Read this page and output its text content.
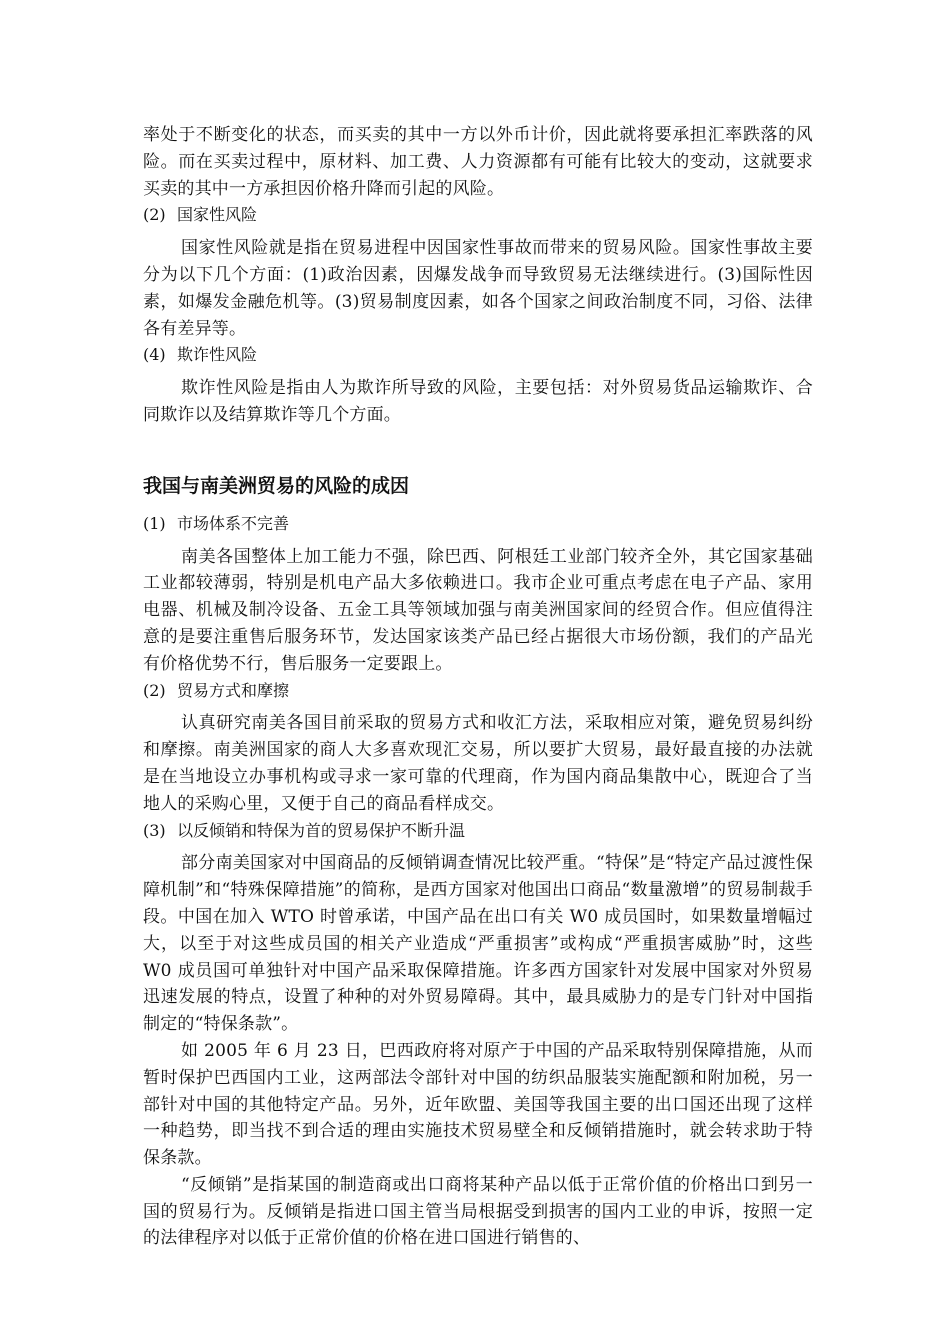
率处于不断变化的状态，而买卖的其中一方以外币计价，因此就将要承担汇率跌落的风险。而在买卖过程中，原材料、加工费、人力资源都有可能有比较大的变动，这就要求买卖的其中一方承担因价格升降而引起的风险。

(2) 国家性风险

国家性风险就是指在贸易进程中因国家性事故而带来的贸易风险。国家性事故主要分为以下几个方面：(1)政治因素，因爆发战争而导致贸易无法继续进行。(3)国际性因素，如爆发金融危机等。(3)贸易制度因素，如各个国家之间政治制度不同，习俗、法律各有差异等。

(4) 欺诈性风险

欺诈性风险是指由人为欺诈所导致的风险，主要包括：对外贸易货品运输欺诈、合同欺诈以及结算欺诈等几个方面。

我国与南美洲贸易的风险的成因
(1) 市场体系不完善

南美各国整体上加工能力不强，除巴西、阿根廷工业部门较齐全外，其它国家基础工业都较薄弱，特别是机电产品大多依赖进口。我市企业可重点考虑在电子产品、家用电器、机械及制冷设备、五金工具等领域加强与南美洲国家间的经贸合作。但应值得注意的是要注重售后服务环节，发达国家该类产品已经占据很大市场份额，我们的产品光有价格优势不行，售后服务一定要跟上。

(2) 贸易方式和摩擦

认真研究南美各国目前采取的贸易方式和收汇方法，采取相应对策，避免贸易纠纷和摩擦。南美洲国家的商人大多喜欢现汇交易，所以要扩大贸易，最好最直接的办法就是在当地设立办事机构或寻求一家可靠的代理商，作为国内商品集散中心，既迎合了当地人的采购心里，又便于自己的商品看样成交。

(3) 以反倾销和特保为首的贸易保护不断升温

部分南美国家对中国商品的反倾销调查情况比较严重。“特保”是“特定产品过渡性保障机制”和“特殊保障措施”的简称，是西方国家对他国出口商品“数量激增”的贸易制裁手段。中国在加入 WTO 时曾承诺，中国产品在出口有关 W0 成员国时，如果数量增幅过大，以至于对这些成员国的相关产业造成“严重损害”或构成“严重损害威胁”时，这些 W0 成员国可单独针对中国产品采取保障措施。许多西方国家针对发展中国家对外贸易迅速发展的特点，设置了种种的对外贸易障碍。其中，最具威胁力的是专门针对中国指制定的“特保条款”。

如 2005 年 6 月 23 日，巴西政府将对原产于中国的产品采取特别保障措施，从而暂时保护巴西国内工业，这两部法令部针对中国的纺织品服装实施配额和附加税，另一部针对中国的其他特定产品。另外，近年欧盟、美国等我国主要的出口国还出现了这样一种趋势，即当找不到合适的理由实施技术贸易壁全和反倾销措施时，就会转求助于特保条款。

“反倾销”是指某国的制造商或出口商将某种产品以低于正常价值的价格出口到另一国的贸易行为。反倾销是指进口国主管当局根据受到损害的国内工业的申诉，按照一定的法律程序对以低于正常价值的价格在进口国进行销售的、
